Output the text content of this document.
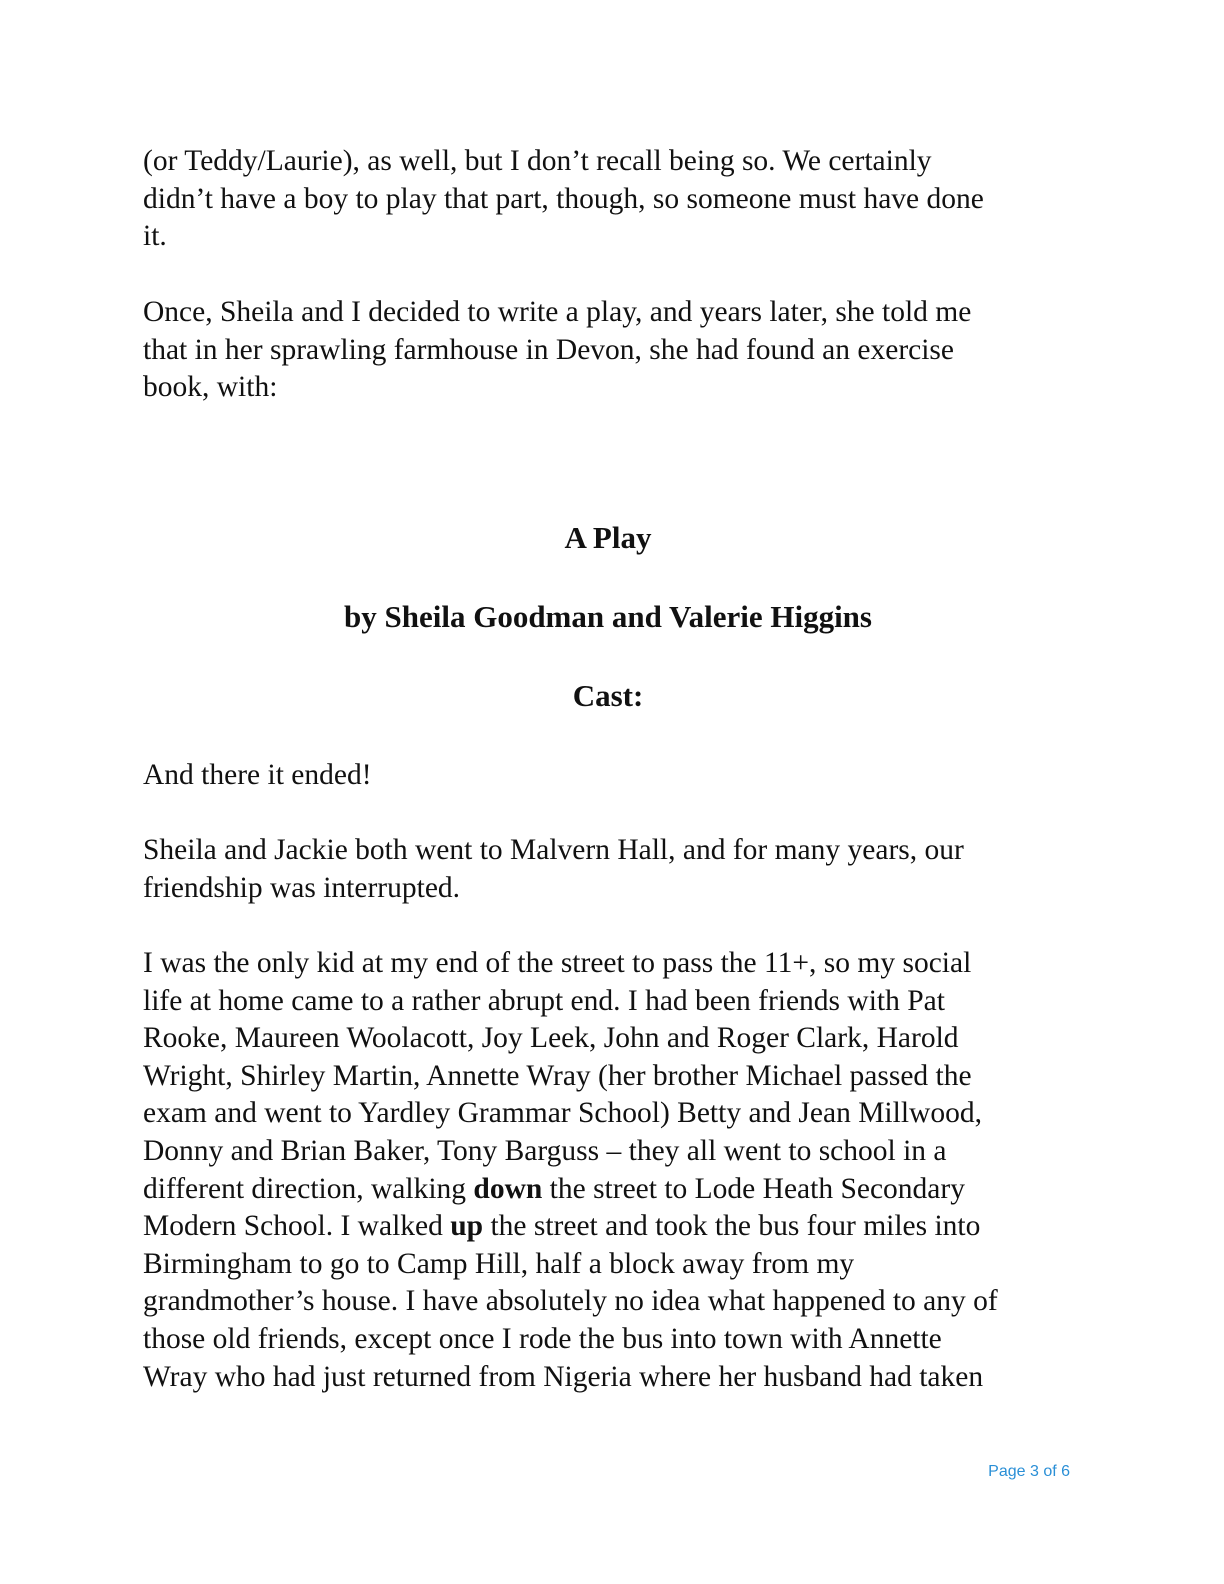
(or Teddy/Laurie), as well, but I don’t recall being so. We certainly
didn’t have a boy to play that part, though, so someone must have done
it.

Once, Sheila and I decided to write a play, and years later, she told me
that in her sprawling farmhouse in Devon, she had found an exercise
book, with:

A Play
by Sheila Goodman and Valerie Higgins
Cast:

And there it ended!

Sheila and Jackie both went to Malvern Hall, and for many years, our
friendship was interrupted.

I was the only kid at my end of the street to pass the 11+, so my social
life at home came to a rather abrupt end. I had been friends with Pat
Rooke, Maureen Woolacott, Joy Leek, John and Roger Clark, Harold
Wright, Shirley Martin, Annette Wray (her brother Michael passed the
exam and went to Yardley Grammar School) Betty and Jean Millwood,
Donny and Brian Baker, Tony Barguss – they all went to school in a
different direction, walking down the street to Lode Heath Secondary
Modern School. I walked up the street and took the bus four miles into
Birmingham to go to Camp Hill, half a block away from my
grandmother’s house. I have absolutely no idea what happened to any of
those old friends, except once I rode the bus into town with Annette
Wray who had just returned from Nigeria where her husband had taken

Page 3 of 6
